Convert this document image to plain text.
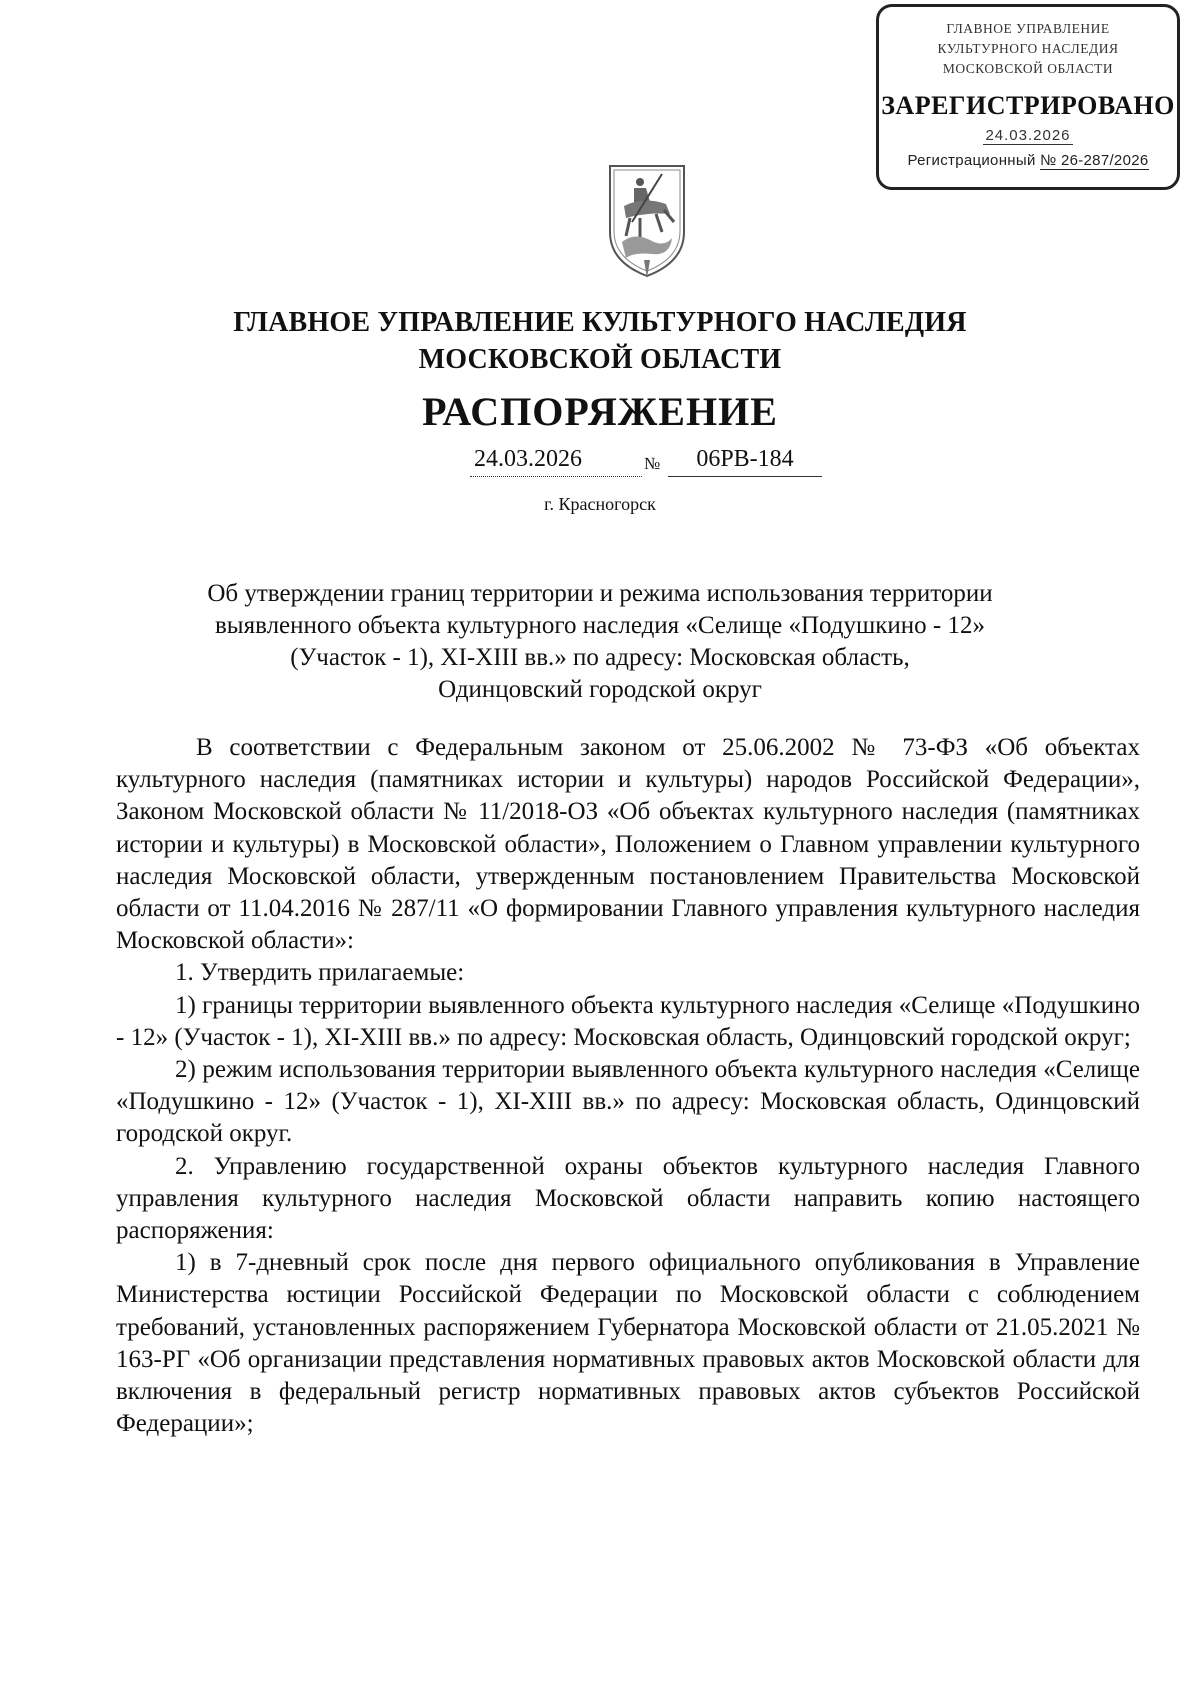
ГЛАВНОЕ УПРАВЛЕНИЕ
КУЛЬТУРНОГО НАСЛЕДИЯ
МОСКОВСКОЙ ОБЛАСТИ
ЗАРЕГИСТРИРОВАНО
24.03.2026
Регистрационный № 26-287/2026
ГЛАВНОЕ УПРАВЛЕНИЕ КУЛЬТУРНОГО НАСЛЕДИЯ
МОСКОВСКОЙ ОБЛАСТИ
РАСПОРЯЖЕНИЕ
24.03.2026	№	06РВ-184
г. Красногорск
Об утверждении границ территории и режима использования территории
выявленного объекта культурного наследия «Селище «Подушкино - 12»
(Участок - 1), XI-XIII вв.» по адресу: Московская область,
Одинцовский городской округ

В соответствии с Федеральным законом от 25.06.2002 № 73-ФЗ «Об объектах культурного наследия (памятниках истории и культуры) народов Российской Федерации», Законом Московской области № 11/2018-ОЗ «Об объектах культурного наследия (памятниках истории и культуры) в Московской области», Положением о Главном управлении культурного наследия Московской области, утвержденным постановлением Правительства Московской области от 11.04.2016 № 287/11 «О формировании Главного управления культурного наследия Московской области»:

1. Утвердить прилагаемые:

1) границы территории выявленного объекта культурного наследия «Селище «Подушкино - 12» (Участок - 1), XI-XIII вв.» по адресу: Московская область, Одинцовский городской округ;

2) режим использования территории выявленного объекта культурного наследия «Селище «Подушкино - 12» (Участок - 1), XI-XIII вв.» по адресу: Московская область, Одинцовский городской округ.

2. Управлению государственной охраны объектов культурного наследия Главного управления культурного наследия Московской области направить копию настоящего распоряжения:

1) в 7-дневный срок после дня первого официального опубликования в Управление Министерства юстиции Российской Федерации по Московской области с соблюдением требований, установленных распоряжением Губернатора Московской области от 21.05.2021 № 163-РГ «Об организации представления нормативных правовых актов Московской области для включения в федеральный регистр нормативных правовых актов субъектов Российской Федерации»;
